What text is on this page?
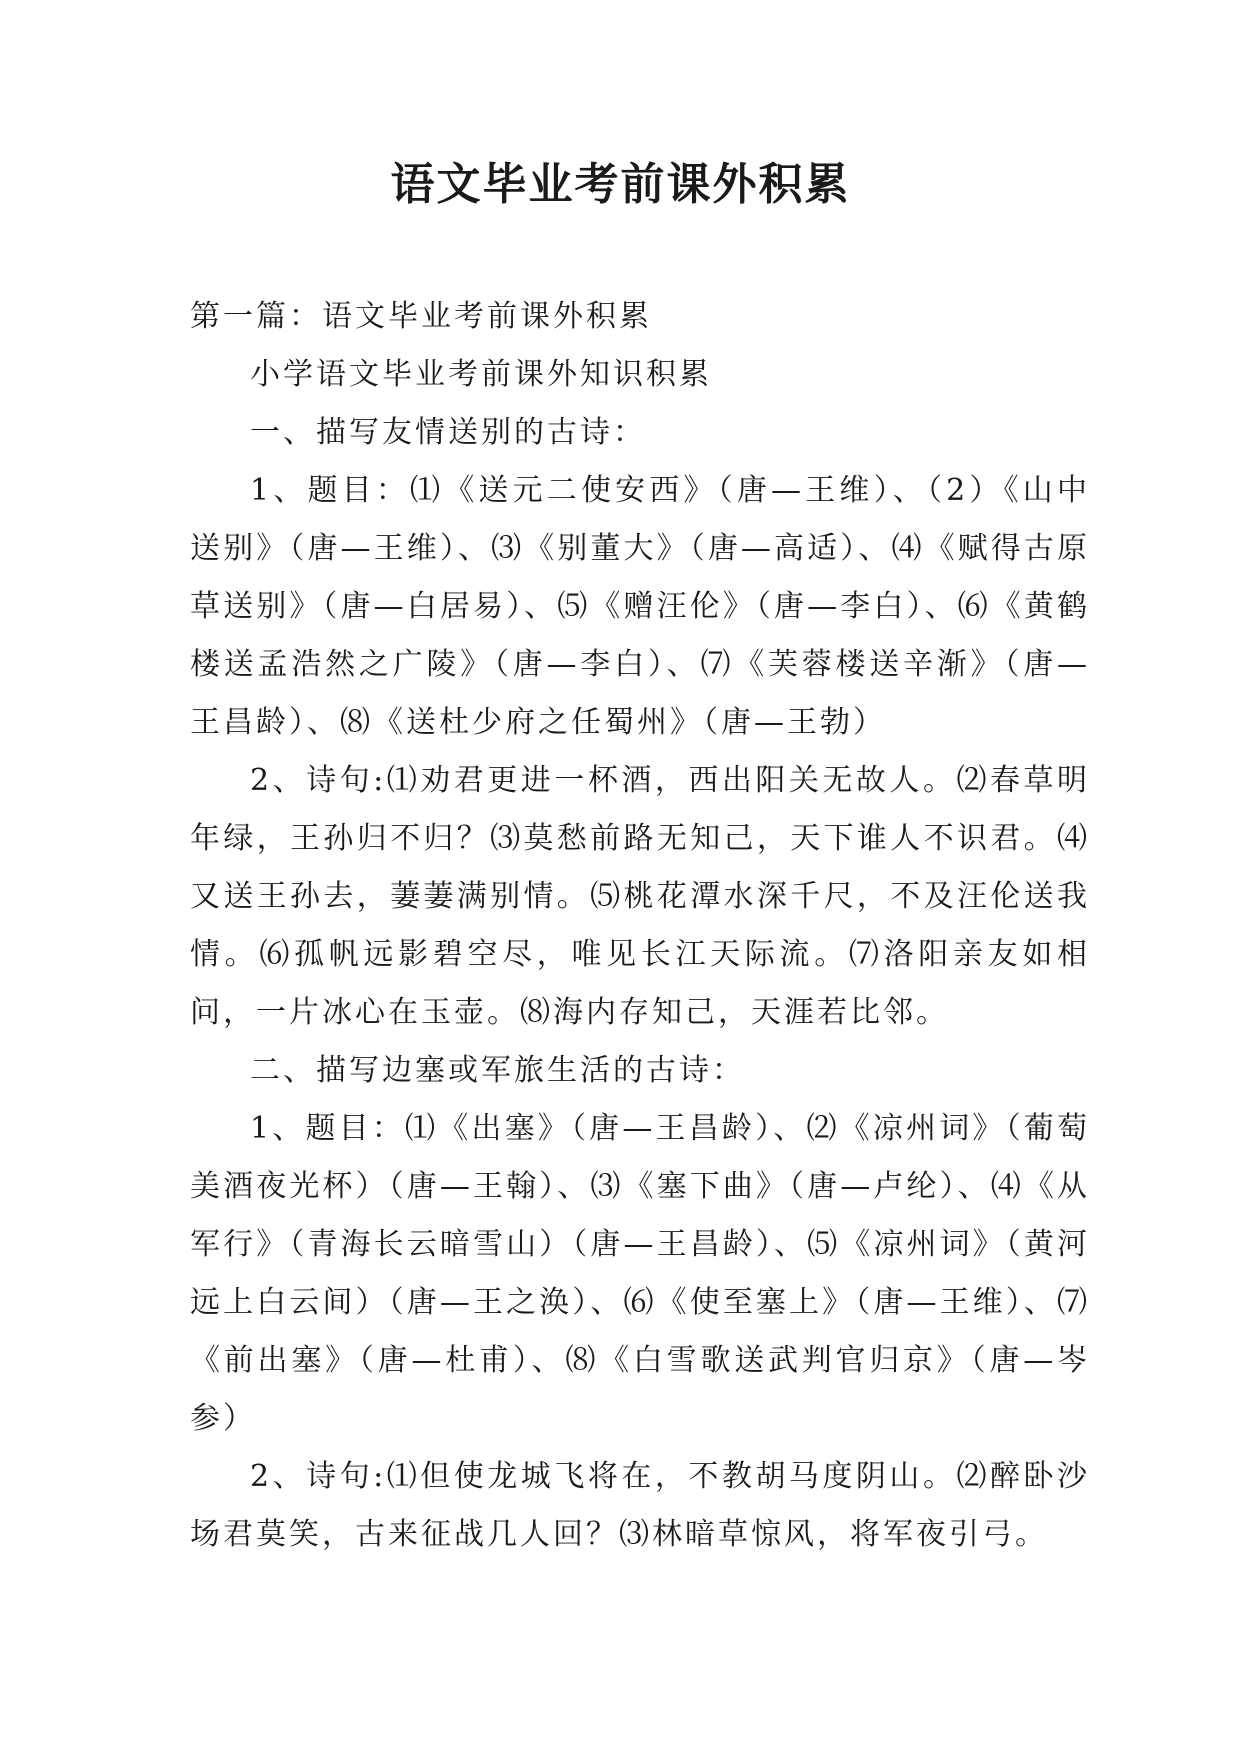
语文毕业考前课外积累

第一篇：语文毕业考前课外积累

小学语文毕业考前课外知识积累

一、描写友情送别的古诗：

1、题目：⑴《送元二使安西》（唐—王维）、（2）《山中送别》（唐—王维）、⑶《别董大》（唐—高适）、⑷《赋得古原草送别》（唐—白居易）、⑸《赠汪伦》（唐—李白）、⑹《黄鹤楼送孟浩然之广陵》（唐—李白）、⑺《芙蓉楼送辛渐》（唐—王昌龄）、⑻《送杜少府之任蜀州》（唐—王勃）

2、诗句:⑴劝君更进一杯酒，西出阳关无故人。⑵春草明年绿，王孙归不归？⑶莫愁前路无知己，天下谁人不识君。⑷又送王孙去，萋萋满别情。⑸桃花潭水深千尺，不及汪伦送我情。⑹孤帆远影碧空尽，唯见长江天际流。⑺洛阳亲友如相问，一片冰心在玉壶。⑻海内存知己，天涯若比邻。

二、描写边塞或军旅生活的古诗：

1、题目：⑴《出塞》（唐—王昌龄）、⑵《凉州词》（葡萄美酒夜光杯）（唐—王翰）、⑶《塞下曲》（唐—卢纶）、⑷《从军行》（青海长云暗雪山）（唐—王昌龄）、⑸《凉州词》（黄河远上白云间）（唐—王之涣）、⑹《使至塞上》（唐—王维）、⑺《前出塞》（唐—杜甫）、⑻《白雪歌送武判官归京》（唐—岑参）

2、诗句:⑴但使龙城飞将在，不教胡马度阴山。⑵醉卧沙场君莫笑，古来征战几人回？⑶林暗草惊风，将军夜引弓。
